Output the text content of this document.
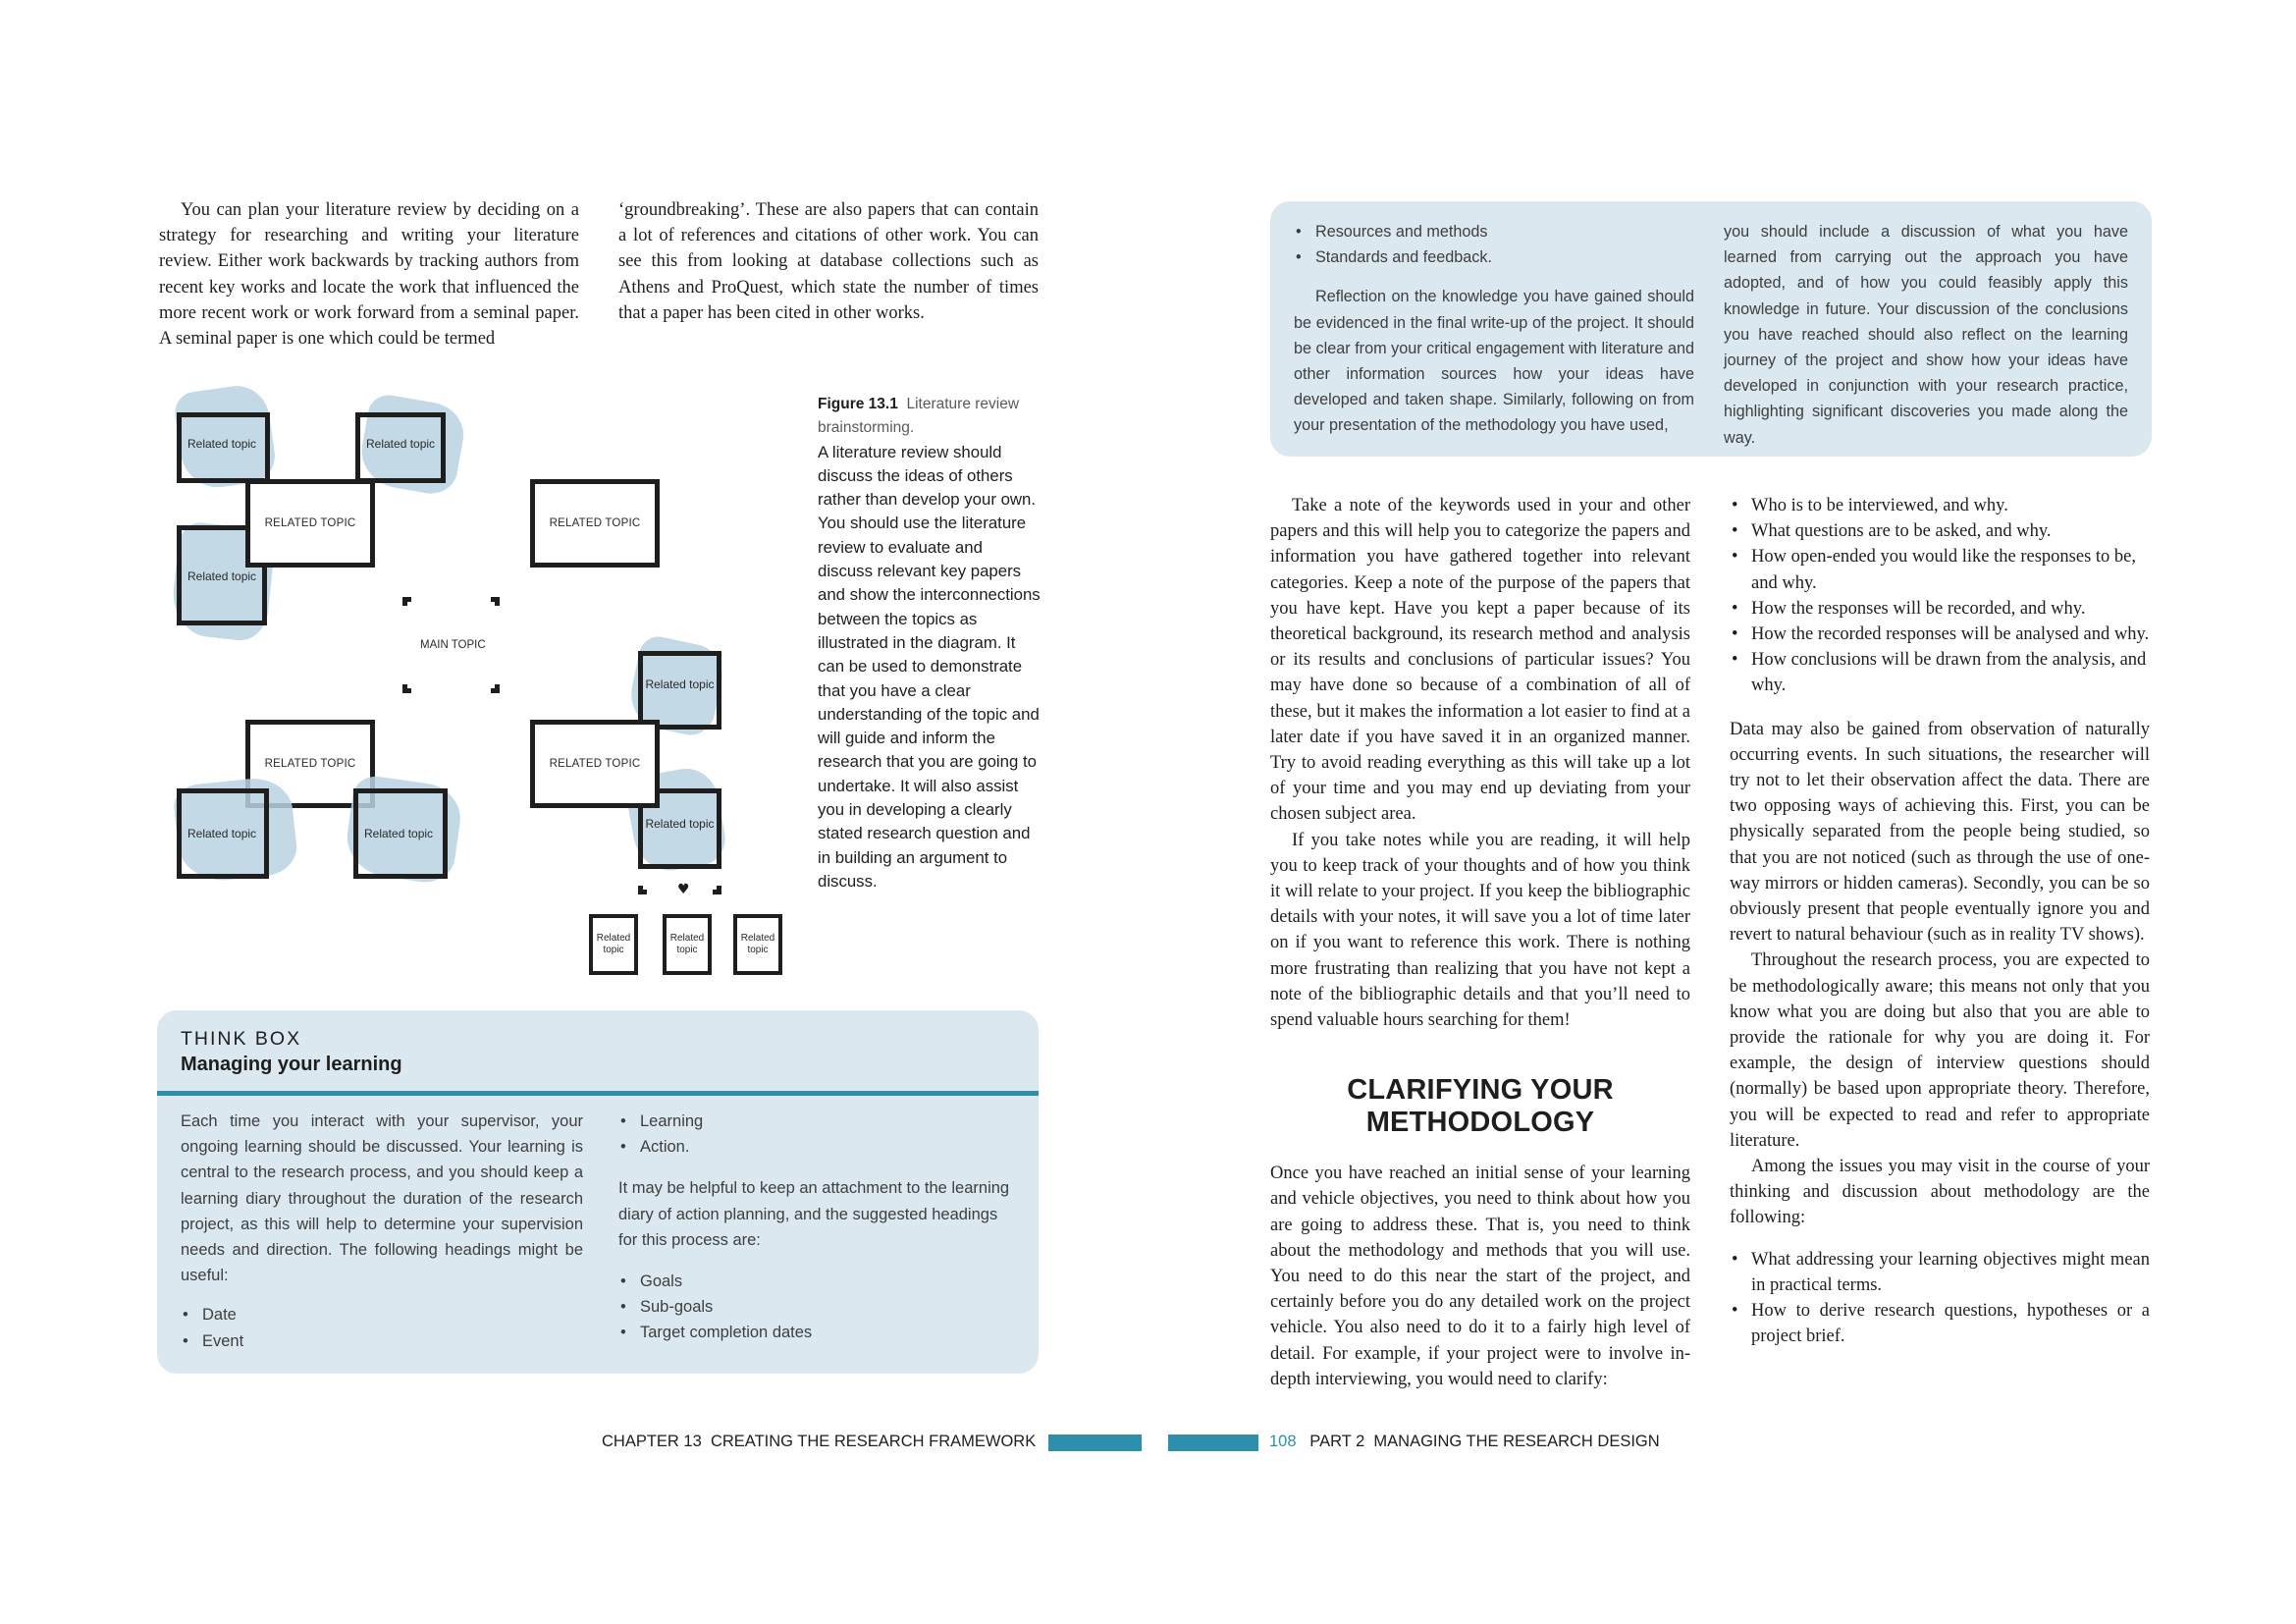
You can plan your literature review by deciding on a strategy for researching and writing your literature review. Either work backwards by tracking authors from recent key works and locate the work that influenced the more recent work or work forward from a seminal paper. A seminal paper is one which could be termed

‘groundbreaking’. These are also papers that can contain a lot of references and citations of other work. You can see this from looking at database collections such as Athens and ProQuest, which state the number of times that a paper has been cited in other works.

Related topic	Related topic
Related topic
RELATED TOPIC	RELATED TOPIC
MAIN TOPIC
Related topic
Related topic
RELATED TOPIC
Related topic	Related topic
RELATED TOPIC
♥
Related topic
Related topic
Related topic
Figure 13.1 Literature review brainstorming.
A literature review should discuss the ideas of others rather than develop your own. You should use the literature review to evaluate and discuss relevant key papers and show the interconnections between the topics as illustrated in the diagram. It can be used to demonstrate that you have a clear understanding of the topic and will guide and inform the research that you are going to undertake. It will also assist you in developing a clearly stated research question and in building an argument to discuss.
THINK BOX
Managing your learning

Each time you interact with your supervisor, your ongoing learning should be discussed. Your learning is central to the research process, and you should keep a learning diary throughout the duration of the research project, as this will help to determine your supervision needs and direction. The following headings might be useful:

• Date
• Event
• Learning
• Action.

It may be helpful to keep an attachment to the learning diary of action planning, and the suggested headings for this process are:

• Goals
• Sub-goals
• Target completion dates
• Resources and methods
• Standards and feedback.

Reflection on the knowledge you have gained should be evidenced in the final write-up of the project. It should be clear from your critical engagement with literature and other information sources how your ideas have developed and taken shape. Similarly, following on from your presentation of the methodology you have used,

you should include a discussion of what you have learned from carrying out the approach you have adopted, and of how you could feasibly apply this knowledge in future. Your discussion of the conclusions you have reached should also reflect on the learning journey of the project and show how your ideas have developed in conjunction with your research practice, highlighting significant discoveries you made along the way.

Take a note of the keywords used in your and other papers and this will help you to categorize the papers and information you have gathered together into relevant categories. Keep a note of the purpose of the papers that you have kept. Have you kept a paper because of its theoretical background, its research method and analysis or its results and conclusions of particular issues? You may have done so because of a combination of all of these, but it makes the information a lot easier to find at a later date if you have saved it in an organized manner. Try to avoid reading everything as this will take up a lot of your time and you may end up deviating from your chosen subject area.

If you take notes while you are reading, it will help you to keep track of your thoughts and of how you think it will relate to your project. If you keep the bibliographic details with your notes, it will save you a lot of time later on if you want to reference this work. There is nothing more frustrating than realizing that you have not kept a note of the bibliographic details and that you’ll need to spend valuable hours searching for them!

CLARIFYING YOUR
METHODOLOGY

Once you have reached an initial sense of your learning and vehicle objectives, you need to think about how you are going to address these. That is, you need to think about the methodology and methods that you will use. You need to do this near the start of the project, and certainly before you do any detailed work on the project vehicle. You also need to do it to a fairly high level of detail. For example, if your project were to involve in-depth interviewing, you would need to clarify:

• Who is to be interviewed, and why.
• What questions are to be asked, and why.
• How open-ended you would like the responses to be, and why.
• How the responses will be recorded, and why.
• How the recorded responses will be analysed and why.
• How conclusions will be drawn from the analysis, and why.

Data may also be gained from observation of naturally occurring events. In such situations, the researcher will try not to let their observation affect the data. There are two opposing ways of achieving this. First, you can be physically separated from the people being studied, so that you are not noticed (such as through the use of one-way mirrors or hidden cameras). Secondly, you can be so obviously present that people eventually ignore you and revert to natural behaviour (such as in reality TV shows).

Throughout the research process, you are expected to be methodologically aware; this means not only that you know what you are doing but also that you are able to provide the rationale for why you are doing it. For example, the design of interview questions should (normally) be based upon appropriate theory. Therefore, you will be expected to read and refer to appropriate literature.

Among the issues you may visit in the course of your thinking and discussion about methodology are the following:

• What addressing your learning objectives might mean in practical terms.
• How to derive research questions, hypotheses or a project brief.
CHAPTER 13 CREATING THE RESEARCH FRAMEWORK	108 PART 2 MANAGING THE RESEARCH DESIGN
